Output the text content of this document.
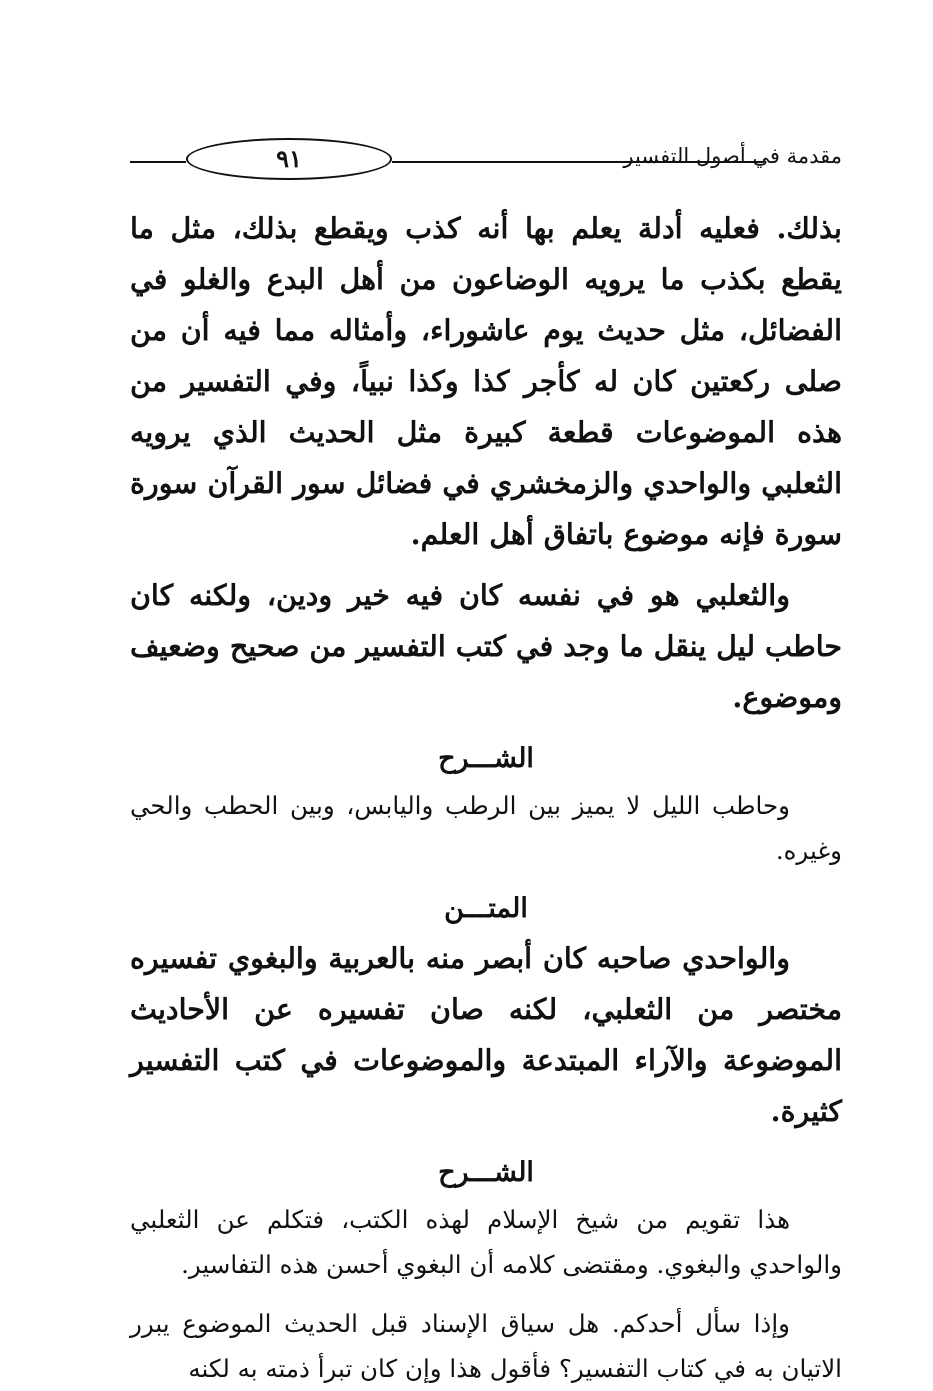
٩١	مقدمة في أصول التفسير

بذلك. فعليه أدلة يعلم بها أنه كذب ويقطع بذلك، مثل ما يقطع بكذب ما يرويه الوضاعون من أهل البدع والغلو في الفضائل، مثل حديث يوم عاشوراء، وأمثاله مما فيه أن من صلى ركعتين كان له كأجر كذا وكذا نبياً، وفي التفسير من هذه الموضوعات قطعة كبيرة مثل الحديث الذي يرويه الثعلبي والواحدي والزمخشري في فضائل سور القرآن سورة سورة فإنه موضوع باتفاق أهل العلم.

والثعلبي هو في نفسه كان فيه خير ودين، ولكنه كان حاطب ليل ينقل ما وجد في كتب التفسير من صحيح وضعيف وموضوع.

الشـــرح

وحاطب الليل لا يميز بين الرطب واليابس، وبين الحطب والحي وغيره.

المتـــن

والواحدي صاحبه كان أبصر منه بالعربية والبغوي تفسيره مختصر من الثعلبي، لكنه صان تفسيره عن الأحاديث الموضوعة والآراء المبتدعة والموضوعات في كتب التفسير كثيرة.

الشـــرح

هذا تقويم من شيخ الإسلام لهذه الكتب، فتكلم عن الثعلبي والواحدي والبغوي. ومقتضى كلامه أن البغوي أحسن هذه التفاسير.

وإذا سأل أحدكم. هل سياق الإسناد قبل الحديث الموضوع يبرر الاتيان به في كتاب التفسير؟ فأقول هذا وإن كان تبرأ ذمته به لكنه
